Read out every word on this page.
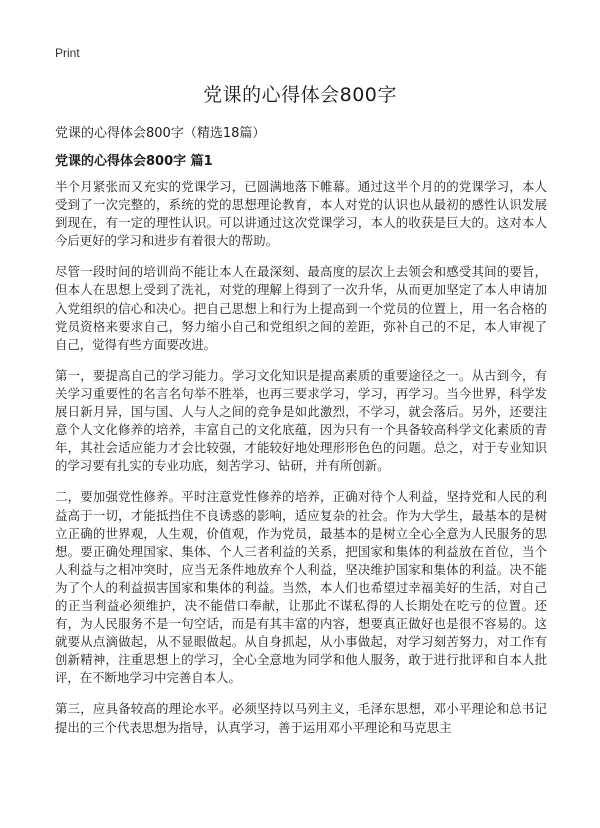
Print
党课的心得体会800字

党课的心得体会800字（精选18篇）

党课的心得体会800字 篇1

半个月紧张而又充实的党课学习，已圆满地落下帷幕。通过这半个月的的党课学习，本人受到了一次完整的，系统的党的思想理论教育，本人对党的认识也从最初的感性认识发展到现在，有一定的理性认识。可以讲通过这次党课学习，本人的收获是巨大的。这对本人今后更好的学习和进步有着很大的帮助。

尽管一段时间的培训尚不能让本人在最深刻、最高度的层次上去领会和感受其间的要旨，但本人在思想上受到了洗礼，对党的理解上得到了一次升华，从而更加坚定了本人申请加入党组织的信心和决心。把自己思想上和行为上提高到一个党员的位置上，用一名合格的党员资格来要求自己，努力缩小自己和党组织之间的差距，弥补自己的不足，本人审视了自己，觉得有些方面要改进。

第一，要提高自己的学习能力。学习文化知识是提高素质的重要途径之一。从古到今，有关学习重要性的名言名句举不胜举，也再三要求学习，学习，再学习。当今世界，科学发展日新月异，国与国、人与人之间的竞争是如此激烈，不学习，就会落后。另外，还要注意个人文化修养的培养，丰富自己的文化底蕴，因为只有一个具备较高科学文化素质的青年，其社会适应能力才会比较强，才能较好地处理形形色色的问题。总之，对于专业知识的学习要有扎实的专业功底，刻苦学习、钻研，并有所创新。

二，要加强党性修养。平时注意党性修养的培养，正确对待个人利益，坚持党和人民的利益高于一切，才能抵挡住不良诱惑的影响，适应复杂的社会。作为大学生，最基本的是树立正确的世界观，人生观，价值观，作为党员，最基本的是树立全心全意为人民服务的思想。要正确处理国家、集体、个人三者利益的关系，把国家和集体的利益放在首位，当个人利益与之相冲突时，应当无条件地放弃个人利益，坚决维护国家和集体的利益。决不能为了个人的利益损害国家和集体的利益。当然，本人们也希望过幸福美好的生活，对自己的正当利益必须维护，决不能借口奉献，让那此不谋私得的人长期处在吃亏的位置。还有，为人民服务不是一句空话，而是有其丰富的内容，想要真正做好也是很不容易的。这就要从点滴做起，从不显眼做起。从自身抓起，从小事做起，对学习刻苦努力，对工作有创新精神，注重思想上的学习，全心全意地为同学和他人服务，敢于进行批评和自本人批评，在不断地学习中完善自本人。

第三，应具备较高的理论水平。必须坚持以马列主义，毛泽东思想，邓小平理论和总书记提出的三个代表思想为指导，认真学习，善于运用邓小平理论和马克思主
